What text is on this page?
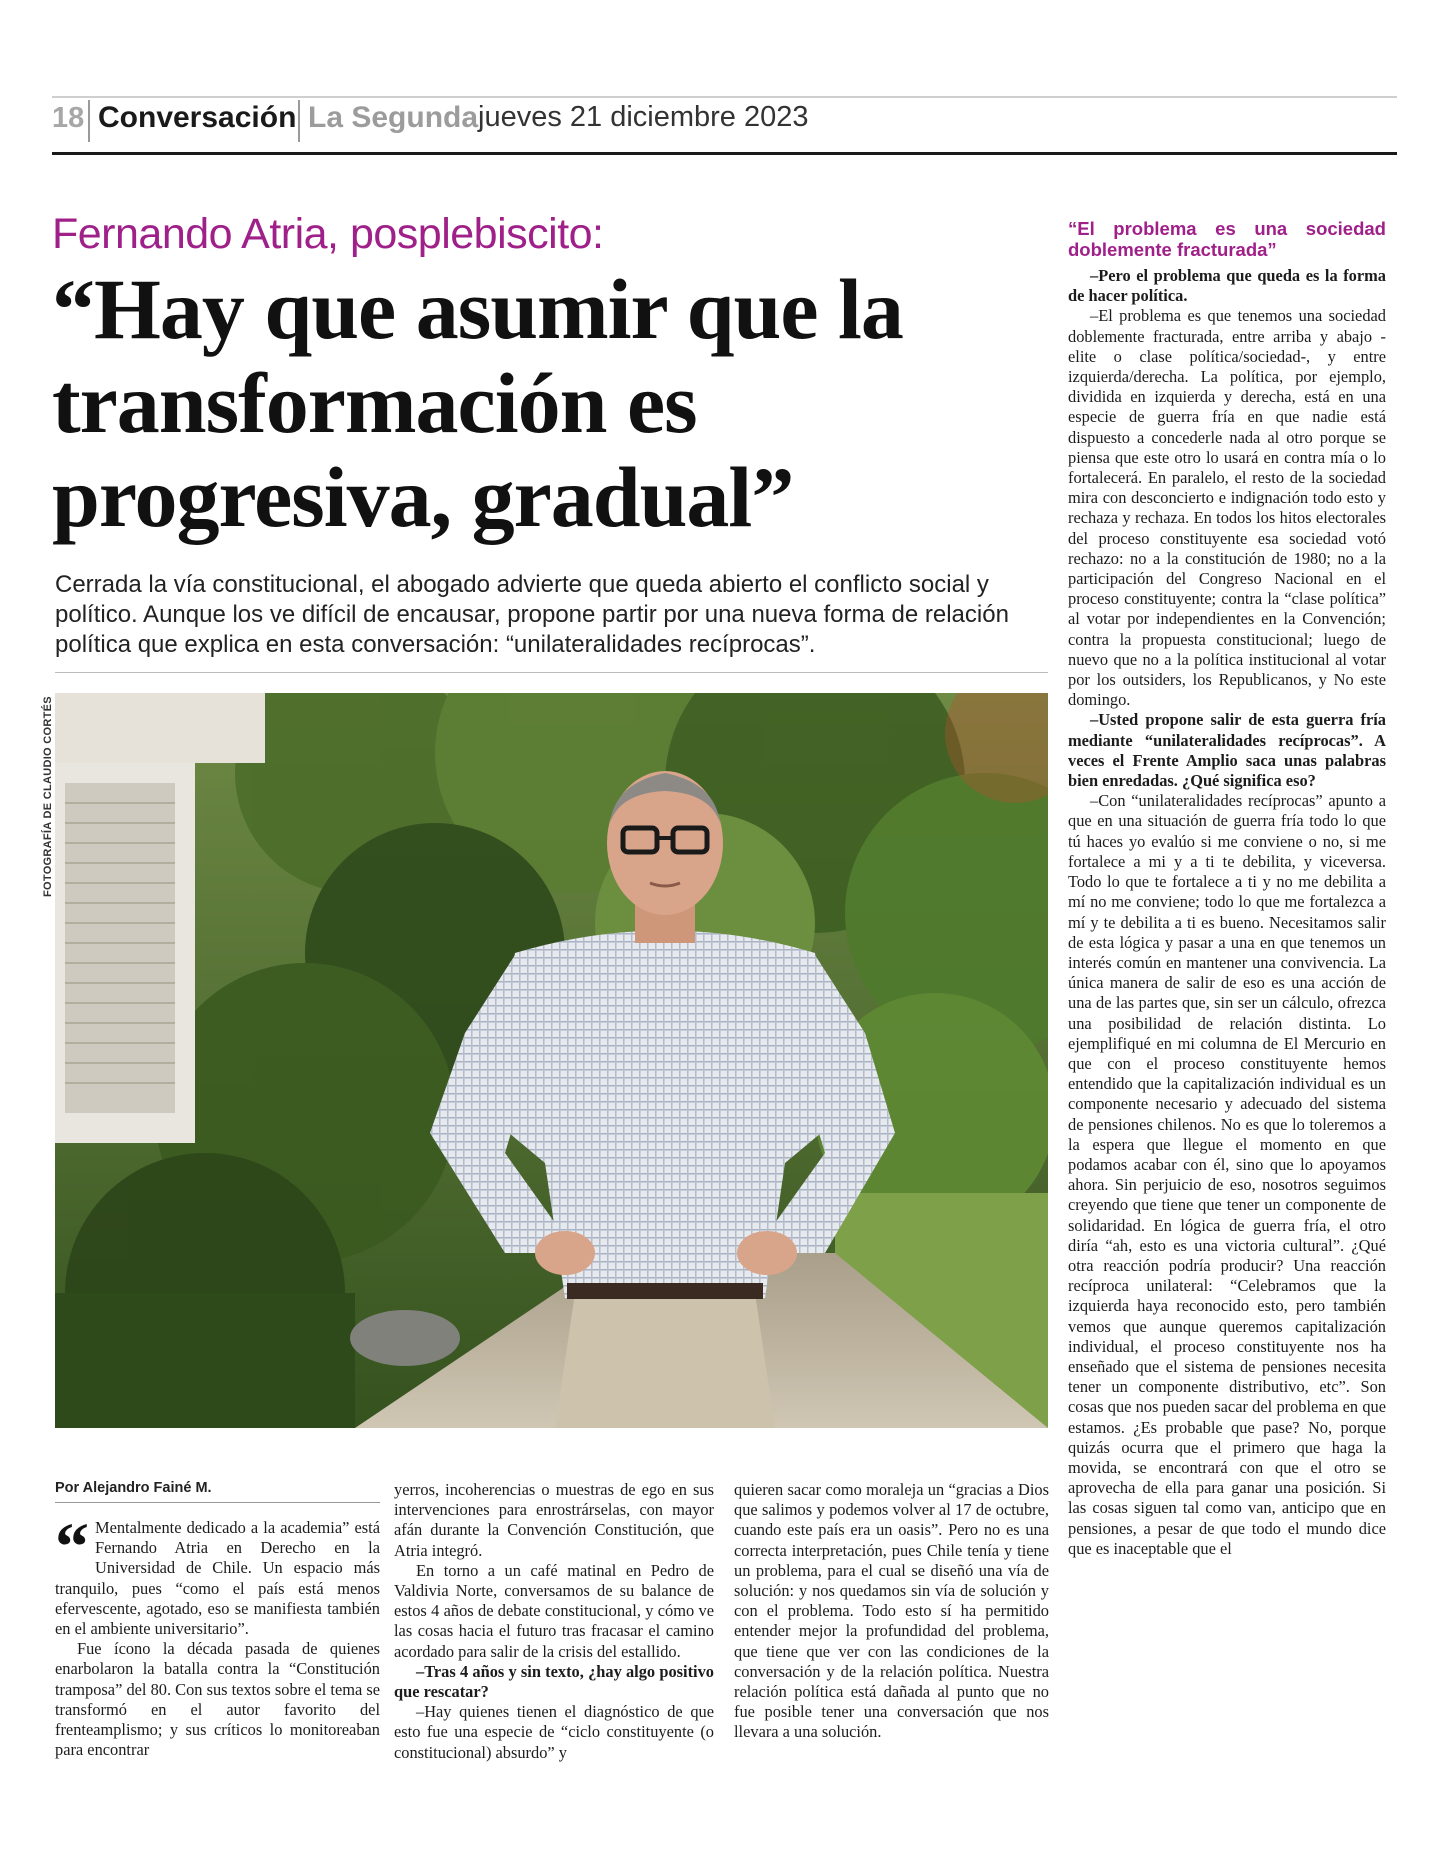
18 Conversación La Segunda jueves 21 diciembre 2023
Fernando Atria, posplebiscito:
“Hay que asumir que la transformación es progresiva, gradual”

Cerrada la vía constitucional, el abogado advierte que queda abierto el conflicto social y político. Aunque los ve difícil de encausar, propone partir por una nueva forma de relación política que explica en esta conversación: “unilateralidades recíprocas”.

FOTOGRAFÍA DE CLAUDIO CORTÉS
Por Alejandro Fainé M.

“ Mentalmente dedicado a la academia” está Fernando Atria en Derecho en la Universidad de Chile. Un espacio más tranquilo, pues “como el país está menos efervescente, agotado, eso se manifiesta también en el ambiente universitario”.

Fue ícono la década pasada de quienes enarbolaron la batalla contra la “Constitución tramposa” del 80. Con sus textos sobre el tema se transformó en el autor favorito del frenteamplismo; y sus críticos lo monitoreaban para encontrar

yerros, incoherencias o muestras de ego en sus intervenciones para enrostrárselas, con mayor afán durante la Convención Constitución, que Atria integró.

En torno a un café matinal en Pedro de Valdivia Norte, conversamos de su balance de estos 4 años de debate constitucional, y cómo ve las cosas hacia el futuro tras fracasar el camino acordado para salir de la crisis del estallido.

–Tras 4 años y sin texto, ¿hay algo positivo que rescatar?

–Hay quienes tienen el diagnóstico de que esto fue una especie de “ciclo constituyente (o constitucional) absurdo” y

quieren sacar como moraleja un “gracias a Dios que salimos y podemos volver al 17 de octubre, cuando este país era un oasis”. Pero no es una correcta interpretación, pues Chile tenía y tiene un problema, para el cual se diseñó una vía de solución: y nos quedamos sin vía de solución y con el problema. Todo esto sí ha permitido entender mejor la profundidad del problema, que tiene que ver con las condiciones de la conversación y de la relación política. Nuestra relación política está dañada al punto que no fue posible tener una conversación que nos llevara a una solución.

“El problema es una sociedad doblemente fracturada”

–Pero el problema que queda es la forma de hacer política.

–El problema es que tenemos una sociedad doblemente fracturada, entre arriba y abajo -elite o clase política/sociedad-, y entre izquierda/derecha. La política, por ejemplo, dividida en izquierda y derecha, está en una especie de guerra fría en que nadie está dispuesto a concederle nada al otro porque se piensa que este otro lo usará en contra mía o lo fortalecerá. En paralelo, el resto de la sociedad mira con desconcierto e indignación todo esto y rechaza y rechaza. En todos los hitos electorales del proceso constituyente esa sociedad votó rechazo: no a la constitución de 1980; no a la participación del Congreso Nacional en el proceso constituyente; contra la “clase política” al votar por independientes en la Convención; contra la propuesta constitucional; luego de nuevo que no a la política institucional al votar por los outsiders, los Republicanos, y No este domingo.

–Usted propone salir de esta guerra fría mediante “unilateralidades recíprocas”. A veces el Frente Amplio saca unas palabras bien enredadas. ¿Qué significa eso?

–Con “unilateralidades recíprocas” apunto a que en una situación de guerra fría todo lo que tú haces yo evalúo si me conviene o no, si me fortalece a mi y a ti te debilita, y viceversa. Todo lo que te fortalece a ti y no me debilita a mí no me conviene; todo lo que me fortalezca a mí y te debilita a ti es bueno. Necesitamos salir de esta lógica y pasar a una en que tenemos un interés común en mantener una convivencia. La única manera de salir de eso es una acción de una de las partes que, sin ser un cálculo, ofrezca una posibilidad de relación distinta. Lo ejemplifiqué en mi columna de El Mercurio en que con el proceso constituyente hemos entendido que la capitalización individual es un componente necesario y adecuado del sistema de pensiones chilenos. No es que lo toleremos a la espera que llegue el momento en que podamos acabar con él, sino que lo apoyamos ahora. Sin perjuicio de eso, nosotros seguimos creyendo que tiene que tener un componente de solidaridad. En lógica de guerra fría, el otro diría “ah, esto es una victoria cultural”. ¿Qué otra reacción podría producir? Una reacción recíproca unilateral: “Celebramos que la izquierda haya reconocido esto, pero también vemos que aunque queremos capitalización individual, el proceso constituyente nos ha enseñado que el sistema de pensiones necesita tener un componente distributivo, etc”. Son cosas que nos pueden sacar del problema en que estamos. ¿Es probable que pase? No, porque quizás ocurra que el primero que haga la movida, se encontrará con que el otro se aprovecha de ella para ganar una posición. Si las cosas siguen tal como van, anticipo que en pensiones, a pesar de que todo el mundo dice que es inaceptable que el
